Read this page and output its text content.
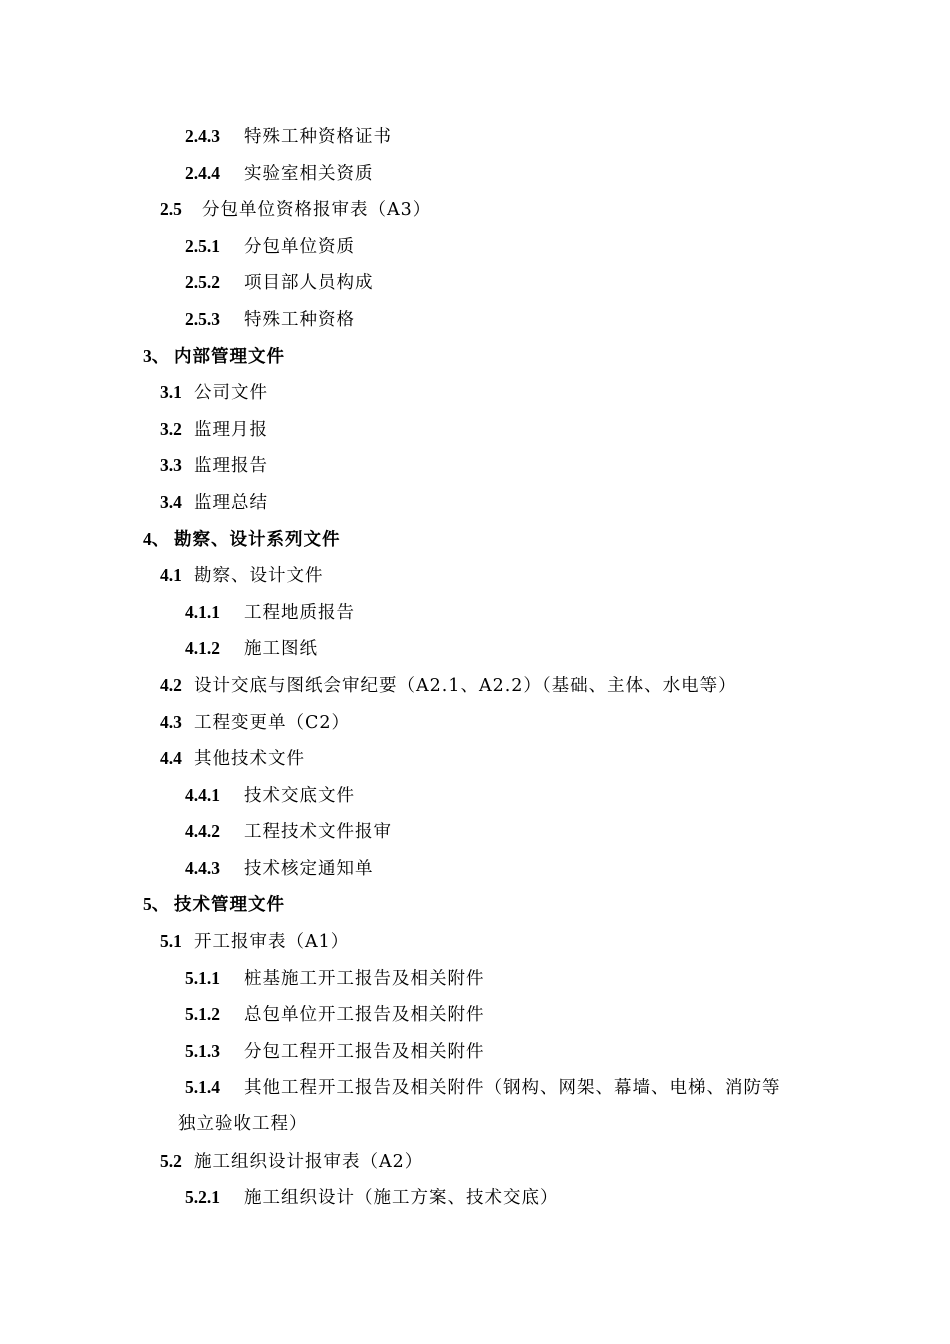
2.4.3 特殊工种资格证书
2.4.4 实验室相关资质
2.5 分包单位资格报审表（A3）
2.5.1 分包单位资质
2.5.2 项目部人员构成
2.5.3 特殊工种资格
3、 内部管理文件
3.1 公司文件
3.2 监理月报
3.3 监理报告
3.4 监理总结
4、 勘察、设计系列文件
4.1 勘察、设计文件
4.1.1 工程地质报告
4.1.2 施工图纸
4.2 设计交底与图纸会审纪要（A2.1、A2.2）（基础、主体、水电等）
4.3 工程变更单（C2）
4.4 其他技术文件
4.4.1 技术交底文件
4.4.2 工程技术文件报审
4.4.3 技术核定通知单
5、 技术管理文件
5.1 开工报审表（A1）
5.1.1 桩基施工开工报告及相关附件
5.1.2 总包单位开工报告及相关附件
5.1.3 分包工程开工报告及相关附件
5.1.4 其他工程开工报告及相关附件（钢构、网架、幕墙、电梯、消防等
独立验收工程）
5.2 施工组织设计报审表（A2）
5.2.1 施工组织设计（施工方案、技术交底）
